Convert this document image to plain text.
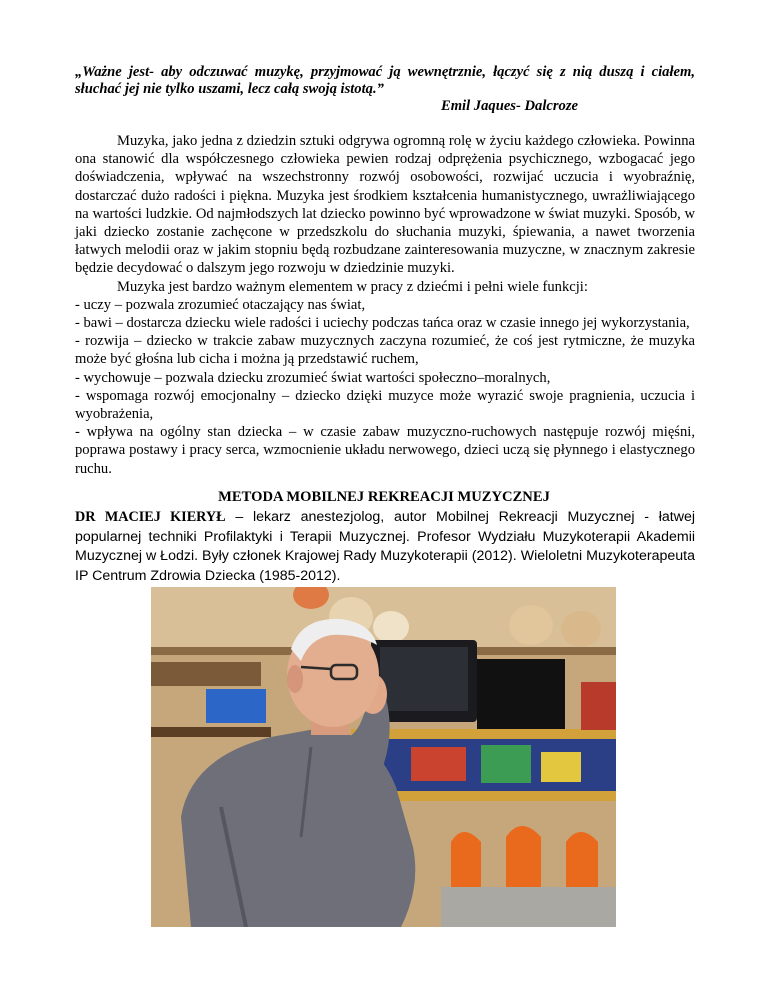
„Ważne jest- aby odczuwać muzykę, przyjmować ją wewnętrznie, łączyć się z nią duszą i ciałem, słuchać jej nie tylko uszami, lecz całą swoją istotą.”
Emil Jaques- Dalcroze

Muzyka, jako jedna z dziedzin sztuki odgrywa ogromną rolę w życiu każdego człowieka. Powinna ona stanowić dla współczesnego człowieka pewien rodzaj odprężenia psychicznego, wzbogacać jego doświadczenia, wpływać na wszechstronny rozwój osobowości, rozwijać uczucia i wyobraźnię, dostarczać dużo radości i piękna. Muzyka jest środkiem kształcenia humanistycznego, uwrażliwiającego na wartości ludzkie. Od najmłodszych lat dziecko powinno być wprowadzone w świat muzyki. Sposób, w jaki dziecko zostanie zachęcone w przedszkolu do słuchania muzyki, śpiewania, a nawet tworzenia łatwych melodii oraz w jakim stopniu będą rozbudzane zainteresowania muzyczne, w znacznym zakresie będzie decydować o dalszym jego rozwoju w dziedzinie muzyki.

Muzyka jest bardzo ważnym elementem w pracy z dziećmi i pełni wiele funkcji:

- uczy – pozwala zrozumieć otaczający nas świat,

- bawi – dostarcza dziecku wiele radości i uciechy podczas tańca oraz w czasie innego jej wykorzystania,

- rozwija – dziecko w trakcie zabaw muzycznych zaczyna rozumieć, że coś jest rytmiczne, że muzyka może być głośna lub cicha i można ją przedstawić ruchem,

- wychowuje – pozwala dziecku zrozumieć świat wartości społeczno–moralnych,

- wspomaga rozwój emocjonalny – dziecko dzięki muzyce może wyrazić swoje pragnienia, uczucia i wyobrażenia,

- wpływa na ogólny stan dziecka – w czasie zabaw muzyczno-ruchowych następuje rozwój mięśni, poprawa postawy i pracy serca, wzmocnienie układu nerwowego, dzieci uczą się płynnego i elastycznego ruchu.

METODA MOBILNEJ REKREACJI MUZYCZNEJ
DR MACIEJ KIERYŁ – lekarz anestezjolog, autor Mobilnej Rekreacji Muzycznej - łatwej popularnej techniki Profilaktyki i Terapii Muzycznej. Profesor Wydziału Muzykoterapii Akademii Muzycznej w Łodzi. Były członek Krajowej Rady Muzykoterapii (2012). Wieloletni Muzykoterapeuta IP Centrum Zdrowia Dziecka (1985-2012).
